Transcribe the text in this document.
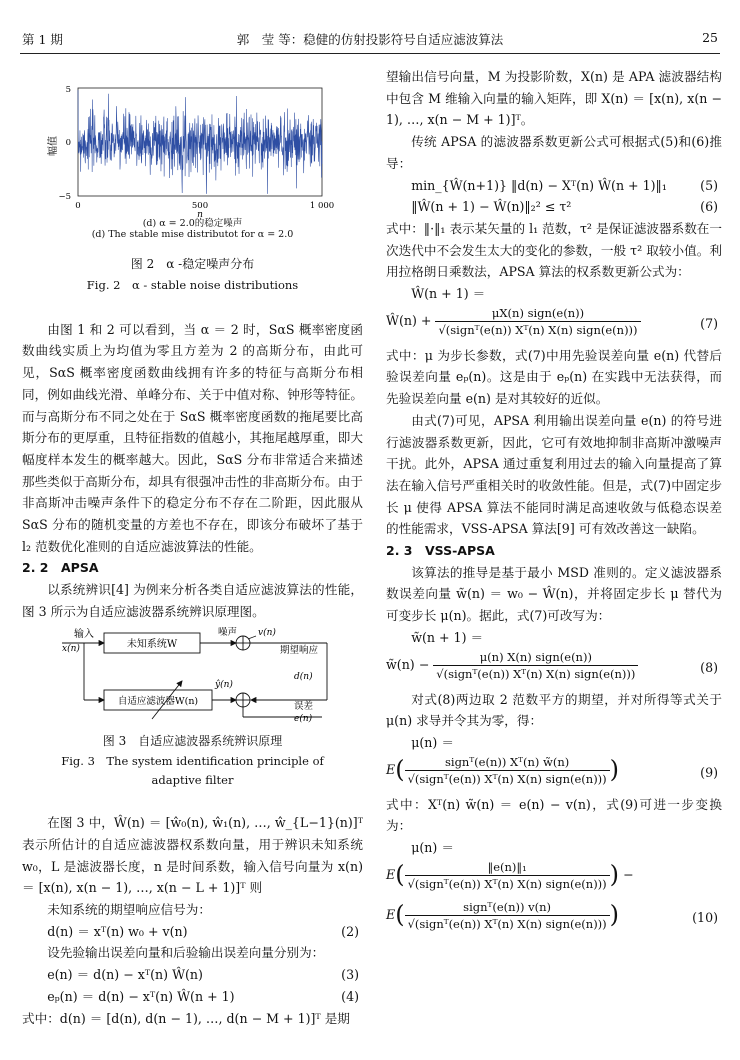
第 1 期	郭　莹 等：稳健的仿射投影符号自适应滤波算法	25
幅值
5
0
−5
0	500	1 000
n
(d) α = 2.0的稳定噪声
(d) The stable mise distributot for α = 2.0
图 2　α -稳定噪声分布
Fig. 2　α - stable noise distributions

由图 1 和 2 可以看到，当 α ＝ 2 时，SαS 概率密度函数曲线实质上为均值为零且方差为 2 的高斯分布，由此可见，SαS 概率密度函数曲线拥有许多的特征与高斯分布相同，例如曲线光滑、单峰分布、关于中值对称、钟形等特征。而与高斯分布不同之处在于 SαS 概率密度函数的拖尾要比高斯分布的更厚重，且特征指数的值越小，其拖尾越厚重，即大幅度样本发生的概率越大。因此，SαS 分布非常适合来描述那些类似于高斯分布，却具有很强冲击性的非高斯分布。由于非高斯冲击噪声条件下的稳定分布不存在二阶距，因此服从 SαS 分布的随机变量的方差也不存在，即该分布破坏了基于 l₂ 范数优化准则的自适应滤波算法的性能。

2. 2　APSA

以系统辨识[4] 为例来分析各类自适应滤波算法的性能，图 3 所示为自适应滤波器系统辨识原理图。

输入
x(n)	未知系统W
噪声 v(n)
期望响应
d(n)
自适应滤波器W(n)
ŷ(n)
误差
e(n)
图 3　自适应滤波器系统辨识原理
Fig. 3　The system identification principle of
adaptive filter

在图 3 中，Ŵ(n) ＝ [ŵ₀(n), ŵ₁(n), …, ŵ_{L−1}(n)]ᵀ 表示所估计的自适应滤波器权系数向量，用于辨识未知系统 w₀，L 是滤波器长度，n 是时间系数，输入信号向量为 x(n) ＝ [x(n), x(n − 1), …, x(n − L + 1)]ᵀ 则

未知系统的期望响应信号为：

d(n) ＝ xᵀ(n) w₀ + v(n)	(2)

设先验输出误差向量和后验输出误差向量分别为：

e(n) ＝ d(n) − xᵀ(n) Ŵ(n)	(3)
eₚ(n) ＝ d(n) − xᵀ(n) Ŵ(n + 1)	(4)

式中：d(n) ＝ [d(n), d(n − 1), …, d(n − M + 1)]ᵀ 是期

望输出信号向量，M 为投影阶数，X(n) 是 APA 滤波器结构中包含 M 维输入向量的输入矩阵，即 X(n) ＝ [x(n), x(n − 1), …, x(n − M + 1)]ᵀ。

传统 APSA 的滤波器系数更新公式可根据式(5)和(6)推导：

min_{Ŵ(n+1)} ‖d(n) − Xᵀ(n) Ŵ(n + 1)‖₁	(5)
‖Ŵ(n + 1) − Ŵ(n)‖₂² ≤ τ²	(6)

式中：‖·‖₁ 表示某矢量的 l₁ 范数，τ² 是保证滤波器系数在一次迭代中不会发生太大的变化的参数，一般 τ² 取较小值。利用拉格朗日乘数法，APSA 算法的权系数更新公式为：

Ŵ(n + 1) ＝
Ŵ(n) + $\frac{\text{μX(n) sign(e(n))}}{\text{√(signᵀ(e(n)) Xᵀ(n) X(n) sign(e(n)))}}$	(7)

式中：μ 为步长参数，式(7)中用先验误差向量 e(n) 代替后验误差向量 eₚ(n)。这是由于 eₚ(n) 在实践中无法获得，而先验误差向量 e(n) 是对其较好的近似。

由式(7)可见，APSA 利用输出误差向量 e(n) 的符号进行滤波器系数更新，因此，它可有效地抑制非高斯冲激噪声干扰。此外，APSA 通过重复利用过去的输入向量提高了算法在输入信号严重相关时的收敛性能。但是，式(7)中固定步长 μ 使得 APSA 算法不能同时满足高速收敛与低稳态误差的性能需求，VSS-APSA 算法[9] 可有效改善这一缺陷。

2. 3　VSS-APSA

该算法的推导是基于最小 MSD 准则的。定义滤波器系数误差向量 w̃(n) ＝ w₀ − Ŵ(n)，并将固定步长 μ 替代为可变步长 μ(n)。据此，式(7)可改写为：

w̃(n + 1) ＝
w̃(n) − $\frac{\text{μ(n) X(n) sign(e(n))}}{\text{√(signᵀ(e(n)) Xᵀ(n) X(n) sign(e(n)))}}$	(8)

对式(8)两边取 2 范数平方的期望，并对所得等式关于 μ(n) 求导并令其为零，得：

μ(n) ＝
$E( \frac{\text{signᵀ(e(n)) Xᵀ(n) w̃(n)}}{\text{√(signᵀ(e(n)) Xᵀ(n) X(n) sign(e(n)))}}$ )	(9)

式中：Xᵀ(n) w̃(n) ＝ e(n) − v(n)，式(9)可进一步变换为：

μ(n) ＝
$E( \frac{\text{‖e(n)‖₁}}{\text{√(signᵀ(e(n)) Xᵀ(n) X(n) sign(e(n)))}}$ ) −
$E( \frac{\text{signᵀ(e(n)) v(n)}}{\text{√(signᵀ(e(n)) Xᵀ(n) X(n) sign(e(n)))}}$ )	(10)
